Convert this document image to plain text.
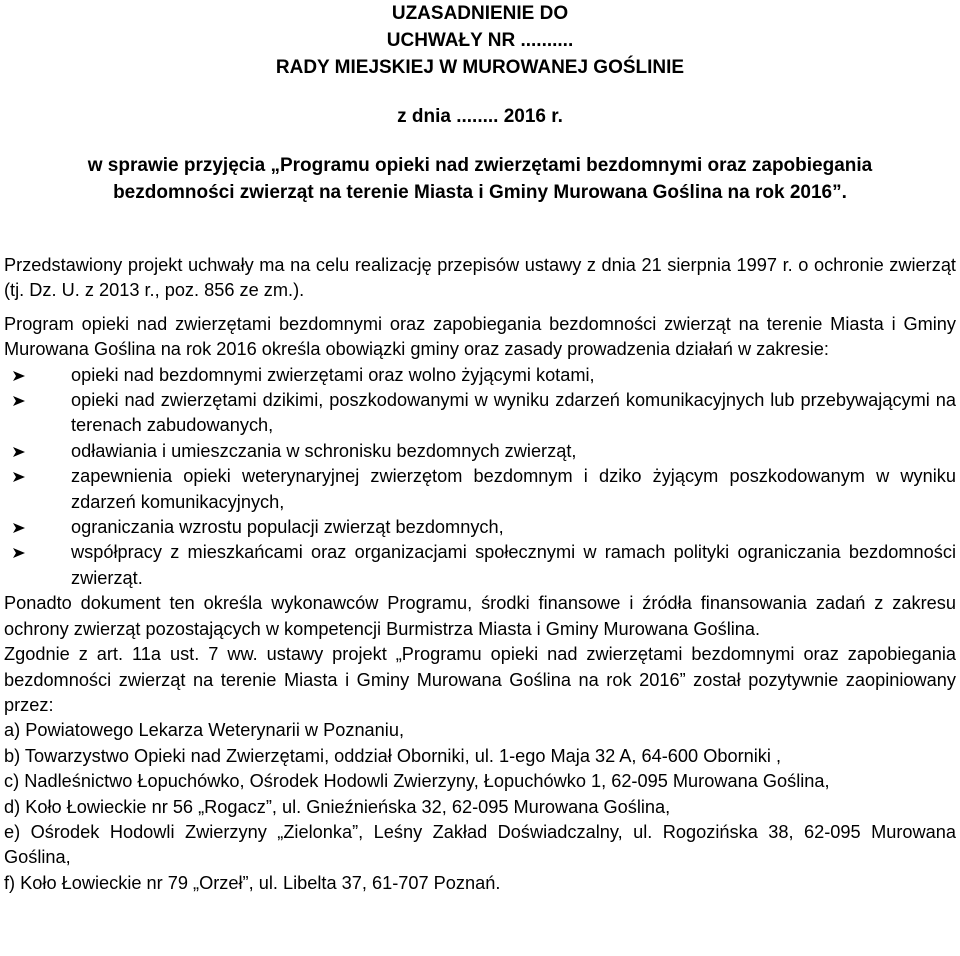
UZASADNIENIE DO
UCHWAŁY NR ..........
RADY MIEJSKIEJ W MUROWANEJ GOŚLINIE
z dnia ........ 2016 r.
w sprawie przyjęcia „Programu opieki nad zwierzętami bezdomnymi oraz zapobiegania
bezdomności zwierząt na terenie Miasta i Gminy Murowana Goślina na rok 2016”.

Przedstawiony projekt uchwały ma na celu realizację przepisów ustawy z dnia 21 sierpnia 1997 r. o ochronie zwierząt (tj. Dz. U. z 2013 r., poz. 856 ze zm.).

Program opieki nad zwierzętami bezdomnymi oraz zapobiegania bezdomności zwierząt na terenie Miasta i Gminy Murowana Goślina na rok 2016 określa obowiązki gminy oraz zasady prowadzenia działań w zakresie:

opieki nad bezdomnymi zwierzętami oraz wolno żyjącymi kotami,
opieki nad zwierzętami dzikimi, poszkodowanymi w wyniku zdarzeń komunikacyjnych lub przebywającymi na terenach zabudowanych,
odławiania i umieszczania w schronisku bezdomnych zwierząt,
zapewnienia opieki weterynaryjnej zwierzętom bezdomnym i dziko żyjącym poszkodowanym w wyniku zdarzeń komunikacyjnych,
ograniczania wzrostu populacji zwierząt bezdomnych,
współpracy z mieszkańcami oraz organizacjami społecznymi w ramach polityki ograniczania bezdomności zwierząt.

Ponadto dokument ten określa wykonawców Programu, środki finansowe i źródła finansowania zadań z zakresu ochrony zwierząt pozostających w kompetencji Burmistrza Miasta i Gminy Murowana Goślina.

Zgodnie z art. 11a ust. 7 ww. ustawy projekt „Programu opieki nad zwierzętami bezdomnymi oraz zapobiegania bezdomności zwierząt na terenie Miasta i Gminy Murowana Goślina na rok 2016” został pozytywnie zaopiniowany przez:

a) Powiatowego Lekarza Weterynarii w Poznaniu,

b) Towarzystwo Opieki nad Zwierzętami, oddział Oborniki, ul. 1-ego Maja 32 A, 64-600 Oborniki ,

c) Nadleśnictwo Łopuchówko, Ośrodek Hodowli Zwierzyny, Łopuchówko 1, 62-095 Murowana Goślina,

d) Koło Łowieckie nr 56 „Rogacz”, ul. Gnieźnieńska 32, 62-095 Murowana Goślina,

e) Ośrodek Hodowli Zwierzyny „Zielonka”, Leśny Zakład Doświadczalny, ul. Rogozińska 38, 62-095 Murowana Goślina,

f) Koło Łowieckie nr 79 „Orzeł”, ul. Libelta 37, 61-707 Poznań.
